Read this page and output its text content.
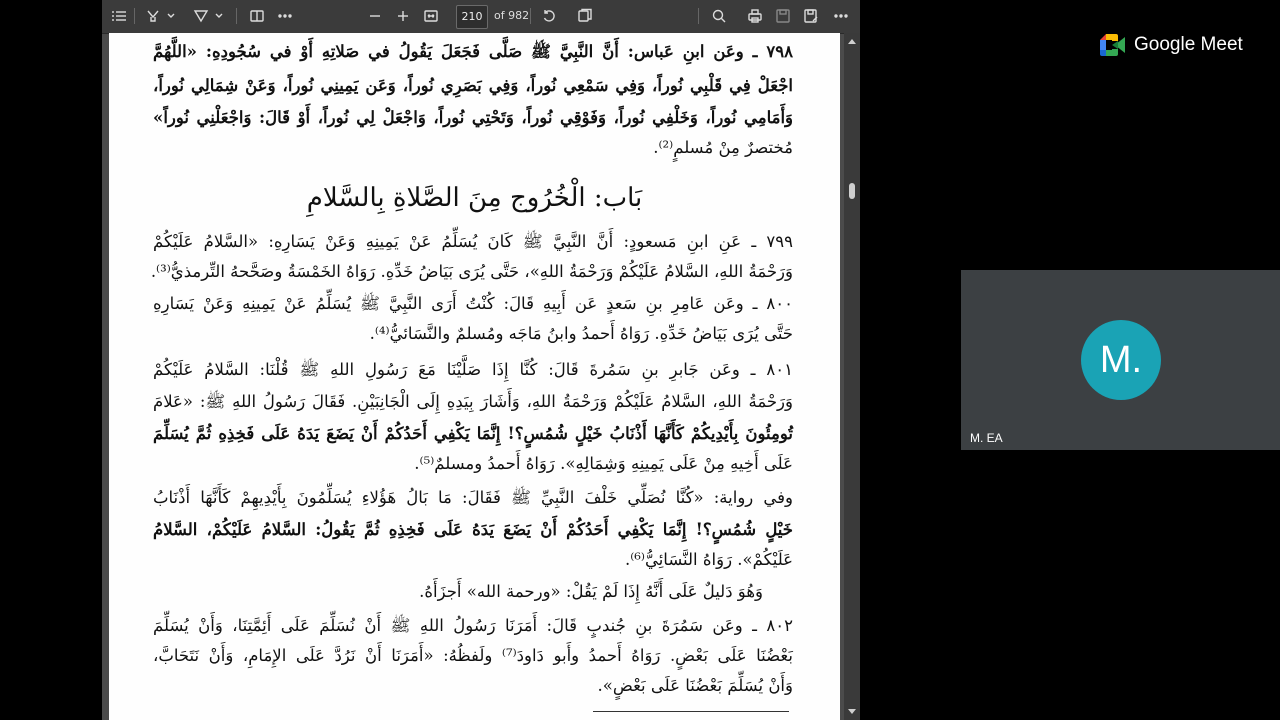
210	of 982
٧٩٨ ـ وعَن ابنِ عَباس: أَنَّ النَّبِيَّ ﷺ صَلَّى فَجَعَلَ يَقُولُ في صَلاتِهِ أَوْ في سُجُودِهِ: «اللَّهُمَّ
اجْعَلْ فِي قَلْبِي نُوراً، وَفِي سَمْعِي نُوراً، وَفِي بَصَرِي نُوراً، وَعَن يَمِينِي نُوراً، وَعَنْ شِمَالِي نُوراً،
وَأَمَامِي نُوراً، وَخَلْفِي نُوراً، وَفَوْقِي نُوراً، وَتَحْتِي نُوراً، وَاجْعَلْ لِي نُوراً، أَوْ قَالَ: وَاجْعَلْنِي نُوراً»
مُختصرٌ مِنْ مُسلمٍ⁽²⁾.
بَاب: الْخُرُوج مِنَ الصَّلاةِ بِالسَّلامِ
٧٩٩ ـ عَنِ ابنِ مَسعودٍ: أَنَّ النَّبِيَّ ﷺ كَانَ يُسَلِّمُ عَنْ يَمِينِهِ وَعَنْ يَسَارِهِ: «السَّلامُ عَلَيْكُمْ
وَرَحْمَةُ اللهِ، السَّلامُ عَلَيْكُمْ وَرَحْمَةُ اللهِ»، حَتَّى يُرَى بَيَاضُ خَدِّهِ. رَوَاهُ الخَمْسَةُ وصَحَّحهُ التِّرمذيُّ⁽³⁾.
٨٠٠ ـ وعَن عَامِرِ بنِ سَعدٍ عَن أَبِيهِ قَالَ: كُنْتُ أَرَى النَّبِيَّ ﷺ يُسَلِّمُ عَنْ يَمِينِهِ وَعَنْ يَسَارِهِ
حَتَّى يُرَى بَيَاضُ خَدِّهِ. رَوَاهُ أَحمدُ وابنُ مَاجَه ومُسلمٌ والنَّسَائيُّ⁽⁴⁾.
٨٠١ ـ وعَن جَابرِ بنِ سَمُرةَ قَالَ: كُنَّا إِذَا صَلَّيْنَا مَعَ رَسُولِ اللهِ ﷺ قُلْنَا: السَّلامُ عَلَيْكُمْ
وَرَحْمَةُ اللهِ، السَّلامُ عَلَيْكُمْ وَرَحْمَةُ اللهِ، وَأَشَارَ بِيَدِهِ إِلَى الْجَانِبَيْنِ. فَقَالَ رَسُولُ اللهِ ﷺ: «عَلامَ
تُومِئُونَ بِأَيْدِيكُمْ كَأَنَّهَا أَذْنَابُ خَيْلٍ شُمُسٍ؟! إِنَّمَا يَكْفِي أَحَدُكُمْ أَنْ يَضَعَ يَدَهُ عَلَى فَخِذِهِ ثُمَّ يُسَلِّمَ
عَلَى أَخِيهِ مِنْ عَلَى يَمِينِهِ وَشِمَالِهِ». رَوَاهُ أَحمدُ ومسلمٌ⁽⁵⁾.
وفي رواية: «كُنَّا نُصَلِّي خَلْفَ النَّبِيِّ ﷺ فَقَالَ: مَا بَالُ هَؤُلاءِ يُسَلِّمُونَ بِأَيْدِيهِمْ كَأَنَّهَا أَذْنَابُ
خَيْلٍ شُمُسٍ؟! إِنَّمَا يَكْفِي أَحَدُكُمْ أَنْ يَضَعَ يَدَهُ عَلَى فَخِذِهِ ثُمَّ يَقُولُ: السَّلامُ عَلَيْكُمْ، السَّلامُ
عَلَيْكُمْ». رَوَاهُ النَّسَائِيُّ⁽⁶⁾.
وَهُوَ دَليلٌ عَلَى أَنَّهُ إِذَا لَمْ يَقُلْ: «ورحمة الله» أَجزَأَهُ.
٨٠٢ ـ وعَن سَمُرَةَ بنِ جُندبٍ قَالَ: أَمَرَنَا رَسُولُ اللهِ ﷺ أَنْ نُسَلِّمَ عَلَى أَئِمَّتِنَا، وَأَنْ يُسَلِّمَ
بَعْضُنَا عَلَى بَعْضٍ. رَوَاهُ أَحمدُ وأَبو دَاودَ⁽⁷⁾ ولَفظُهُ: «أَمَرَنَا أَنْ نَرُدَّ عَلَى الإِمَامِ، وَأَنْ نَتَحَابَّ،
وَأَنْ يُسَلِّمَ بَعْضُنَا عَلَى بَعْضٍ».
Google Meet
M.
M. EA
